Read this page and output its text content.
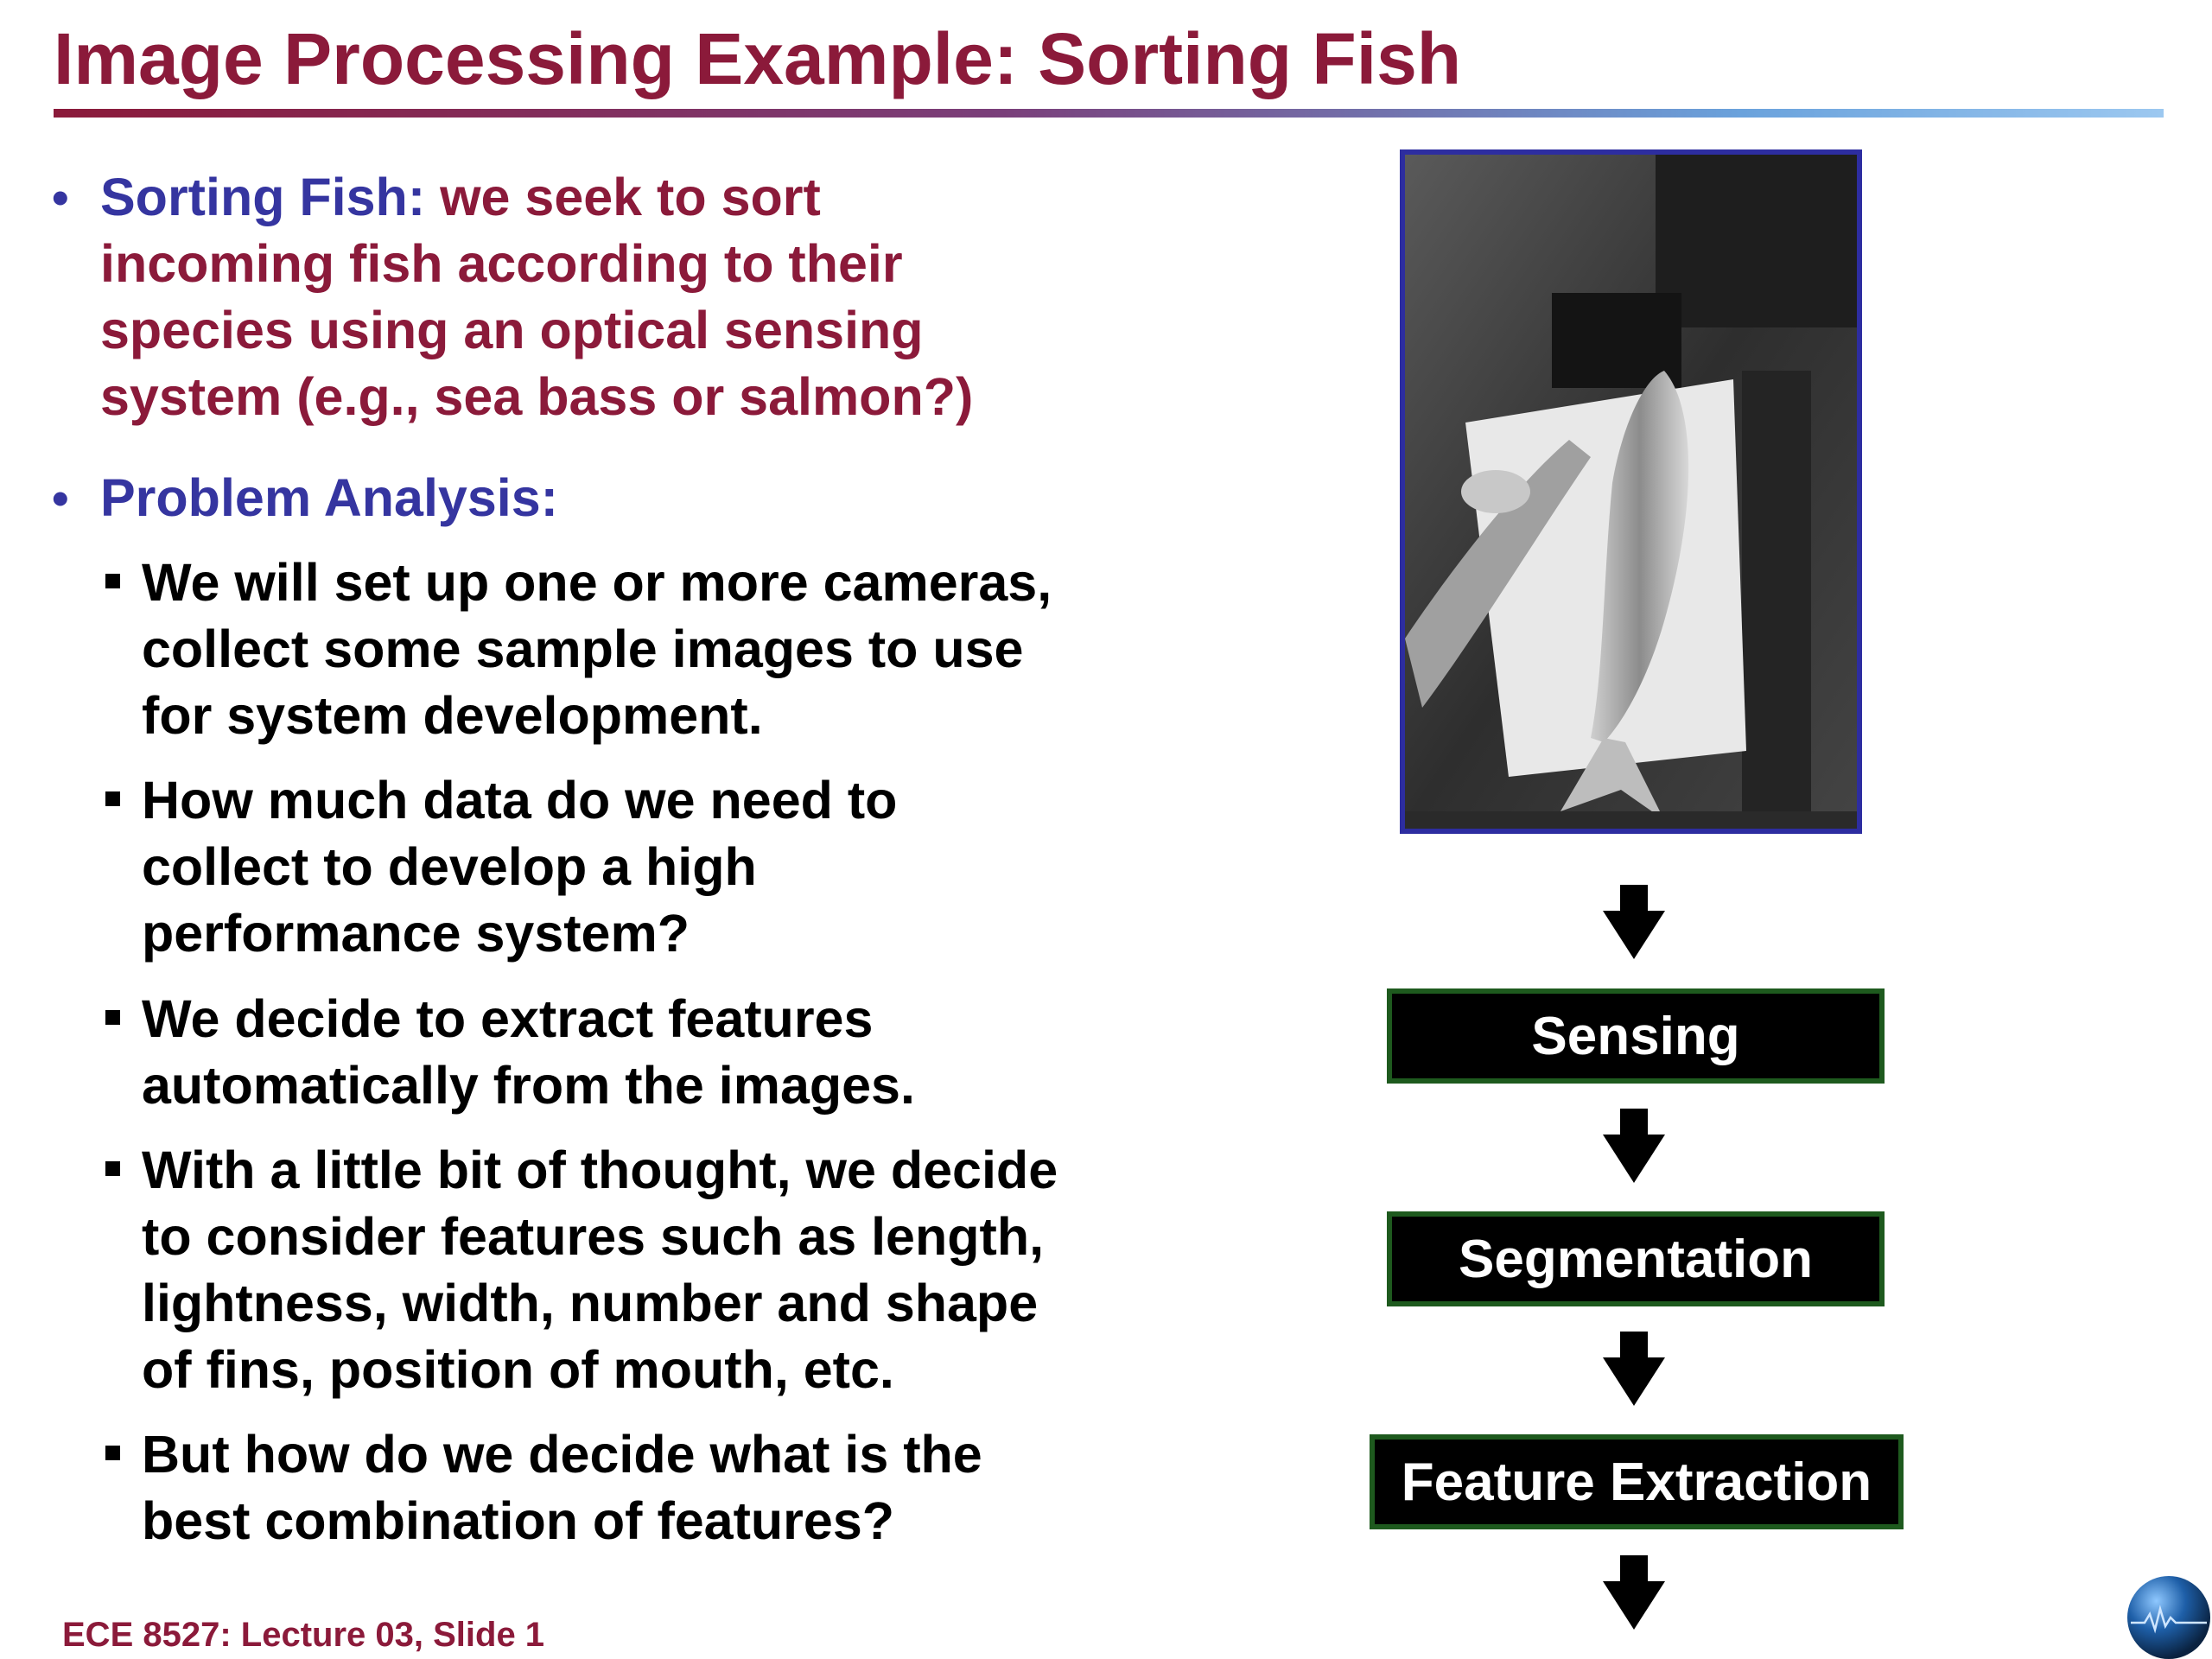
Image Processing Example: Sorting Fish
• Sorting Fish: we seek to sort
incoming fish according to their
species using an optical sensing
system (e.g., sea bass or salmon?)
• Problem Analysis:
We will set up one or more cameras,
collect some sample images to use
for system development.
How much data do we need to
collect to develop a high
performance system?
We decide to extract features
automatically from the images.
With a little bit of thought, we decide
to consider features such as length,
lightness, width, number and shape
of fins, position of mouth, etc.
But how do we decide what is the
best combination of features?
Sensing
Segmentation
Feature Extraction
ECE 8527: Lecture 03, Slide 1
